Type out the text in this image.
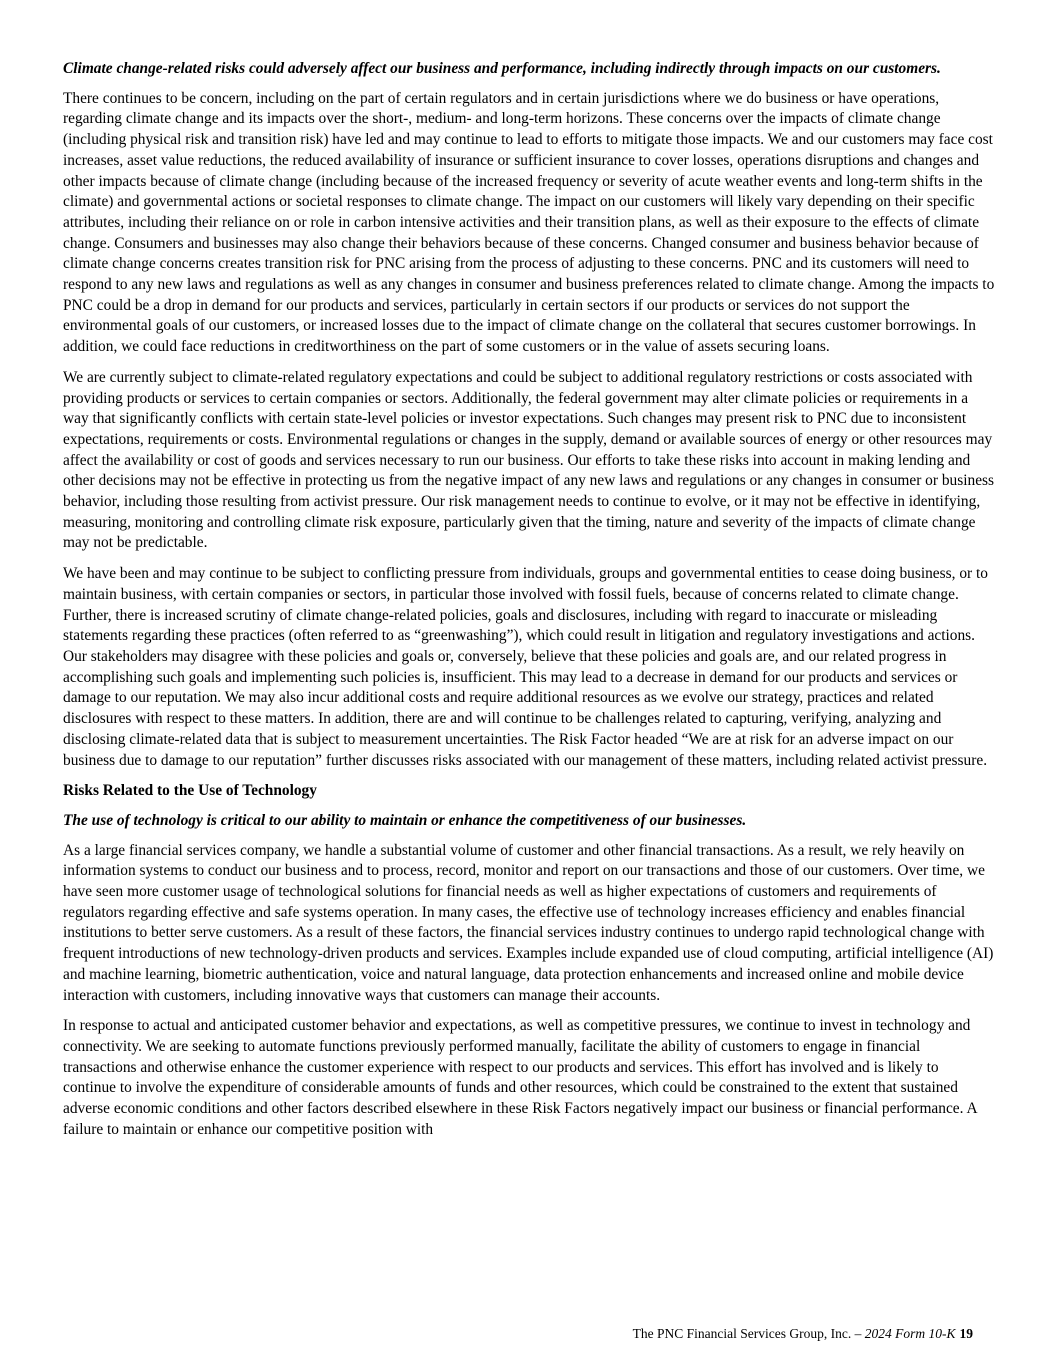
Climate change-related risks could adversely affect our business and performance, including indirectly through impacts on our customers.

There continues to be concern, including on the part of certain regulators and in certain jurisdictions where we do business or have operations, regarding climate change and its impacts over the short-, medium- and long-term horizons. These concerns over the impacts of climate change (including physical risk and transition risk) have led and may continue to lead to efforts to mitigate those impacts. We and our customers may face cost increases, asset value reductions, the reduced availability of insurance or sufficient insurance to cover losses, operations disruptions and changes and other impacts because of climate change (including because of the increased frequency or severity of acute weather events and long-term shifts in the climate) and governmental actions or societal responses to climate change. The impact on our customers will likely vary depending on their specific attributes, including their reliance on or role in carbon intensive activities and their transition plans, as well as their exposure to the effects of climate change. Consumers and businesses may also change their behaviors because of these concerns. Changed consumer and business behavior because of climate change concerns creates transition risk for PNC arising from the process of adjusting to these concerns. PNC and its customers will need to respond to any new laws and regulations as well as any changes in consumer and business preferences related to climate change. Among the impacts to PNC could be a drop in demand for our products and services, particularly in certain sectors if our products or services do not support the environmental goals of our customers, or increased losses due to the impact of climate change on the collateral that secures customer borrowings. In addition, we could face reductions in creditworthiness on the part of some customers or in the value of assets securing loans.

We are currently subject to climate-related regulatory expectations and could be subject to additional regulatory restrictions or costs associated with providing products or services to certain companies or sectors. Additionally, the federal government may alter climate policies or requirements in a way that significantly conflicts with certain state-level policies or investor expectations. Such changes may present risk to PNC due to inconsistent expectations, requirements or costs. Environmental regulations or changes in the supply, demand or available sources of energy or other resources may affect the availability or cost of goods and services necessary to run our business. Our efforts to take these risks into account in making lending and other decisions may not be effective in protecting us from the negative impact of any new laws and regulations or any changes in consumer or business behavior, including those resulting from activist pressure. Our risk management needs to continue to evolve, or it may not be effective in identifying, measuring, monitoring and controlling climate risk exposure, particularly given that the timing, nature and severity of the impacts of climate change may not be predictable.

We have been and may continue to be subject to conflicting pressure from individuals, groups and governmental entities to cease doing business, or to maintain business, with certain companies or sectors, in particular those involved with fossil fuels, because of concerns related to climate change. Further, there is increased scrutiny of climate change-related policies, goals and disclosures, including with regard to inaccurate or misleading statements regarding these practices (often referred to as “greenwashing”), which could result in litigation and regulatory investigations and actions. Our stakeholders may disagree with these policies and goals or, conversely, believe that these policies and goals are, and our related progress in accomplishing such goals and implementing such policies is, insufficient. This may lead to a decrease in demand for our products and services or damage to our reputation. We may also incur additional costs and require additional resources as we evolve our strategy, practices and related disclosures with respect to these matters. In addition, there are and will continue to be challenges related to capturing, verifying, analyzing and disclosing climate-related data that is subject to measurement uncertainties. The Risk Factor headed “We are at risk for an adverse impact on our business due to damage to our reputation” further discusses risks associated with our management of these matters, including related activist pressure.

Risks Related to the Use of Technology
The use of technology is critical to our ability to maintain or enhance the competitiveness of our businesses.

As a large financial services company, we handle a substantial volume of customer and other financial transactions. As a result, we rely heavily on information systems to conduct our business and to process, record, monitor and report on our transactions and those of our customers. Over time, we have seen more customer usage of technological solutions for financial needs as well as higher expectations of customers and requirements of regulators regarding effective and safe systems operation. In many cases, the effective use of technology increases efficiency and enables financial institutions to better serve customers. As a result of these factors, the financial services industry continues to undergo rapid technological change with frequent introductions of new technology-driven products and services. Examples include expanded use of cloud computing, artificial intelligence (AI) and machine learning, biometric authentication, voice and natural language, data protection enhancements and increased online and mobile device interaction with customers, including innovative ways that customers can manage their accounts.

In response to actual and anticipated customer behavior and expectations, as well as competitive pressures, we continue to invest in technology and connectivity. We are seeking to automate functions previously performed manually, facilitate the ability of customers to engage in financial transactions and otherwise enhance the customer experience with respect to our products and services. This effort has involved and is likely to continue to involve the expenditure of considerable amounts of funds and other resources, which could be constrained to the extent that sustained adverse economic conditions and other factors described elsewhere in these Risk Factors negatively impact our business or financial performance. A failure to maintain or enhance our competitive position with

The PNC Financial Services Group, Inc. – 2024 Form 10-K 19
